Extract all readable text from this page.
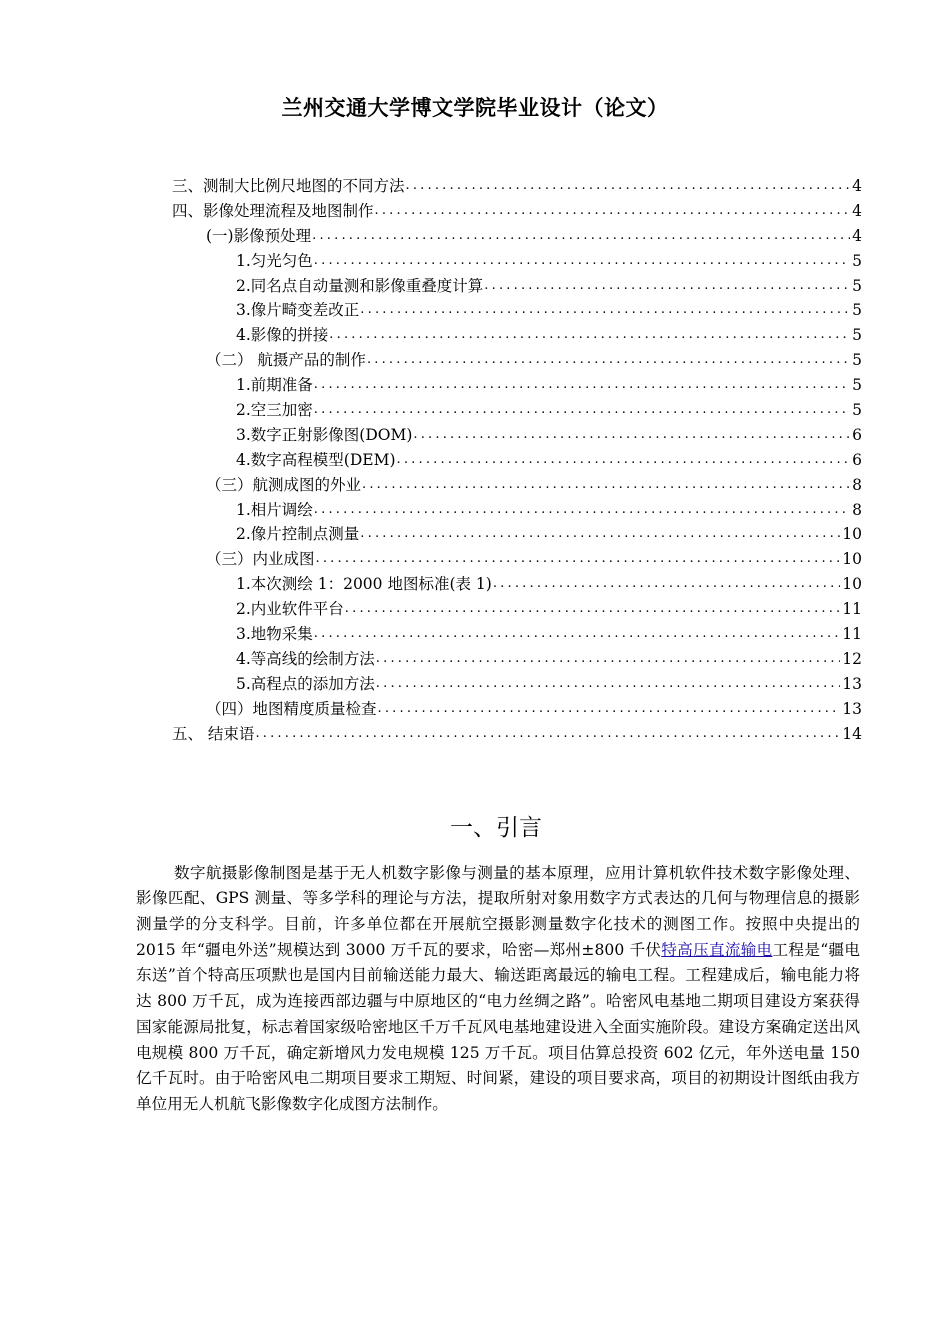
兰州交通大学博文学院毕业设计（论文）
三、测制大比例尺地图的不同方法 .....	4
四、影像处理流程及地图制作 .....	4
(一)影像预处理 .....	4
1.匀光匀色 .....	5
2.同名点自动量测和影像重叠度计算 .....	5
3.像片畸变差改正 .....	5
4.影像的拼接 .....	5
（二） 航摄产品的制作 .....	5
1.前期准备 .....	5
2.空三加密 .....	5
3.数字正射影像图(DOM) .....	6
4.数字高程模型(DEM) .....	6
（三）航测成图的外业 .....	8
1.相片调绘 .....	8
2.像片控制点测量 .....	10
（三）内业成图 .....	10
1.本次测绘 1：2000 地图标准(表 1) .....	10
2.内业软件平台 .....	11
3.地物采集 .....	11
4.等高线的绘制方法 .....	12
5.高程点的添加方法 .....	13
（四）地图精度质量检查 .....	13
五、 结束语 .....	14
一、引言

数字航摄影像制图是基于无人机数字影像与测量的基本原理，应用计算机软件技术数字影像处理、影像匹配、GPS 测量、等多学科的理论与方法，提取所射对象用数字方式表达的几何与物理信息的摄影测量学的分支科学。目前，许多单位都在开展航空摄影测量数字化技术的测图工作。按照中央提出的 2015 年“疆电外送”规模达到 3000 万千瓦的要求，哈密—郑州±800 千伏特高压直流输电工程是“疆电东送”首个特高压项默也是国内目前输送能力最大、输送距离最远的输电工程。工程建成后，输电能力将达 800 万千瓦，成为连接西部边疆与中原地区的“电力丝绸之路”。哈密风电基地二期项目建设方案获得国家能源局批复，标志着国家级哈密地区千万千瓦风电基地建设进入全面实施阶段。建设方案确定送出风电规模 800 万千瓦，确定新增风力发电规模 125 万千瓦。项目估算总投资 602 亿元，年外送电量 150 亿千瓦时。由于哈密风电二期项目要求工期短、时间紧，建设的项目要求高，项目的初期设计图纸由我方单位用无人机航飞影像数字化成图方法制作。
